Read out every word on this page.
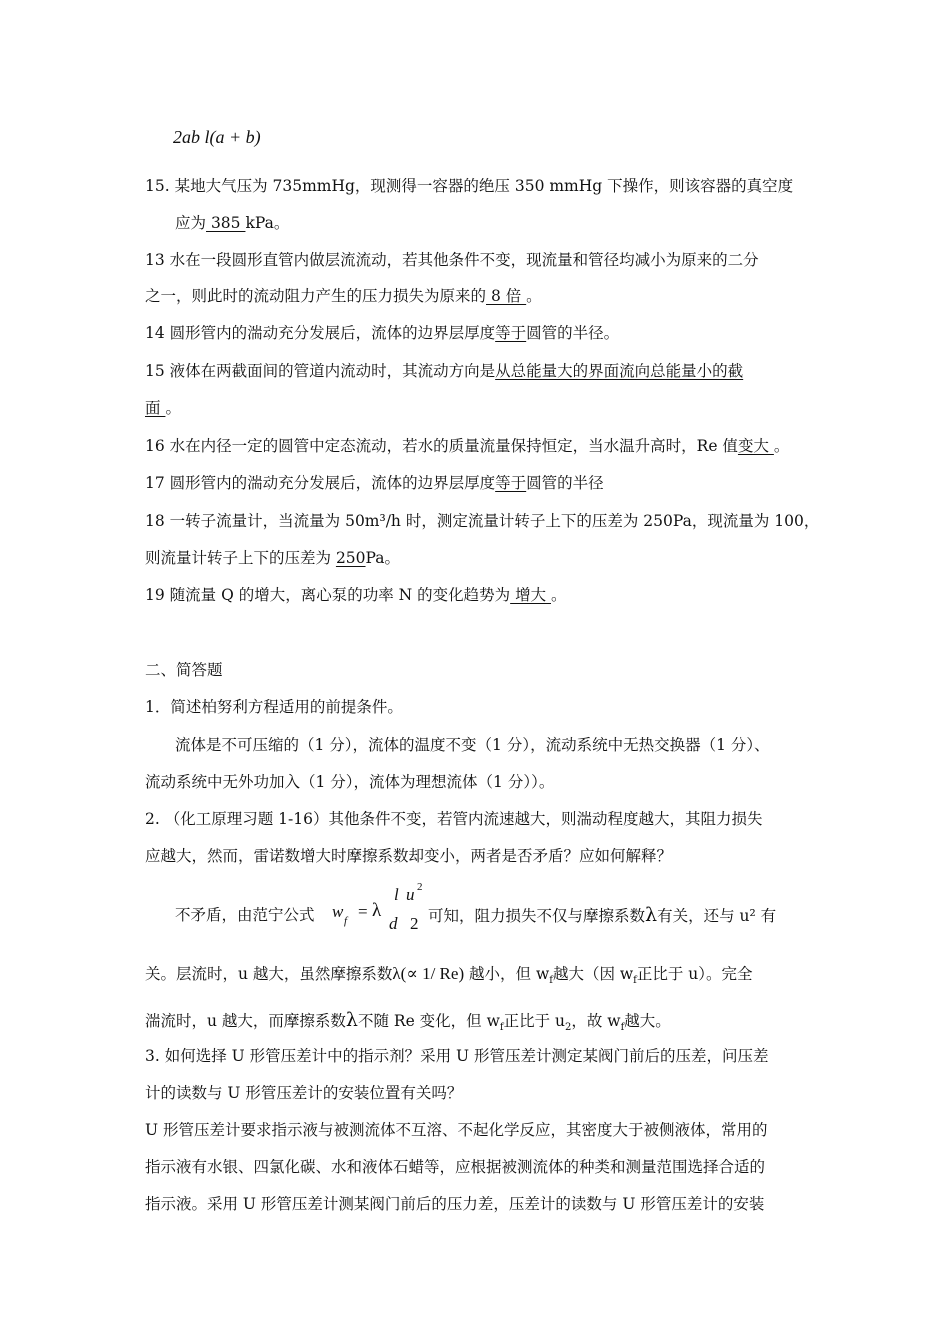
2ab l(a + b)
15. 某地大气压为 735mmHg，现测得一容器的绝压 350 mmHg 下操作，则该容器的真空度
应为 385 kPa。
13 水在一段圆形直管内做层流流动，若其他条件不变，现流量和管径均减小为原来的二分
之一，则此时的流动阻力产生的压力损失为原来的 8 倍 。
14 圆形管内的湍动充分发展后，流体的边界层厚度等于圆管的半径。
15 液体在两截面间的管道内流动时，其流动方向是从总能量大的界面流向总能量小的截
面 。
16 水在内径一定的圆管中定态流动，若水的质量流量保持恒定，当水温升高时，Re 值变大 。
17 圆形管内的湍动充分发展后，流体的边界层厚度等于圆管的半径
18 一转子流量计，当流量为 50m³/h 时，测定流量计转子上下的压差为 250Pa，现流量为 100，
则流量计转子上下的压差为 250Pa。
19 随流量 Q 的增大，离心泵的功率 N 的变化趋势为 增大 。
二、简答题
1．简述柏努利方程适用的前提条件。
流体是不可压缩的（1 分），流体的温度不变（1 分），流动系统中无热交换器（1 分）、
流动系统中无外功加入（1 分），流体为理想流体（1 分））。
2. （化工原理习题 1-16）其他条件不变，若管内流速越大，则湍动程度越大，其阻力损失
应越大，然而，雷诺数增大时摩擦系数却变小，两者是否矛盾？应如何解释？
不矛盾，由范宁公式	w f = λ
l u 2
d 2 可知，阻力损失不仅与摩擦系数λ有关，还与 u² 有
关。层流时，u 越大，虽然摩擦系数λ(∝ 1/ Re) 越小，但 $w_f$越大（因 $w_f$正比于 u）。完全
湍流时，u 越大，而摩擦系数λ不随 Re 变化，但 $w_f$正比于 $u_2$，故 $w_f$越大。
3. 如何选择 U 形管压差计中的指示剂？采用 U 形管压差计测定某阀门前后的压差，问压差
计的读数与 U 形管压差计的安装位置有关吗？
U 形管压差计要求指示液与被测流体不互溶、不起化学反应，其密度大于被侧液体，常用的
指示液有水银、四氯化碳、水和液体石蜡等，应根据被测流体的种类和测量范围选择合适的
指示液。采用 U 形管压差计测某阀门前后的压力差，压差计的读数与 U 形管压差计的安装
